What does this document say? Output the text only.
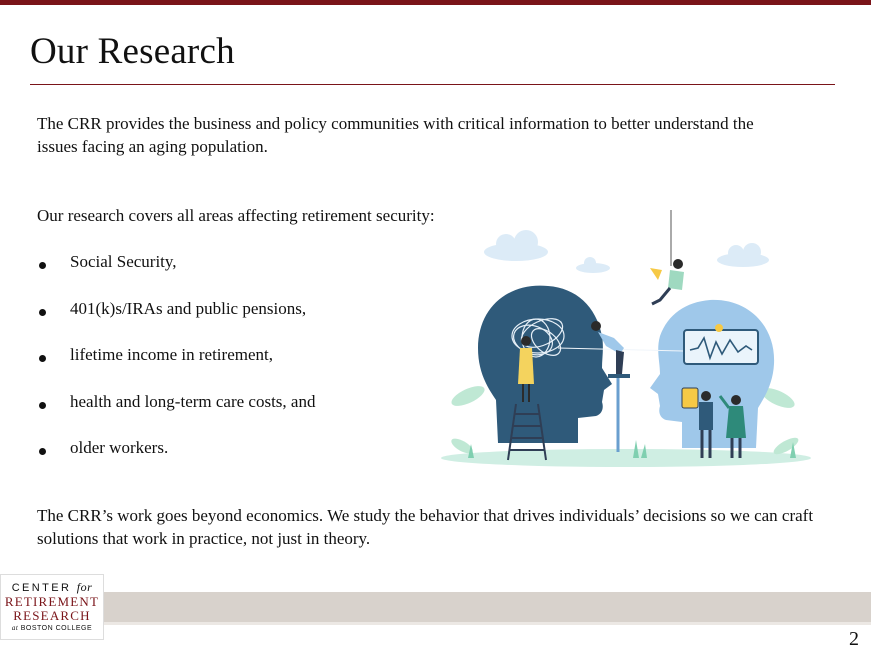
Our Research
The CRR provides the business and policy communities with critical information to better understand the issues facing an aging population.
Our research covers all areas affecting retirement security:
Social Security,
401(k)s/IRAs and public pensions,
lifetime income in retirement,
health and long-term care costs, and
older workers.
The CRR’s work goes beyond economics. We study the behavior that drives individuals’ decisions so we can craft solutions that work in practice, not just in theory.
CENTER for
RETIREMENT
RESEARCH
at BOSTON COLLEGE	2
